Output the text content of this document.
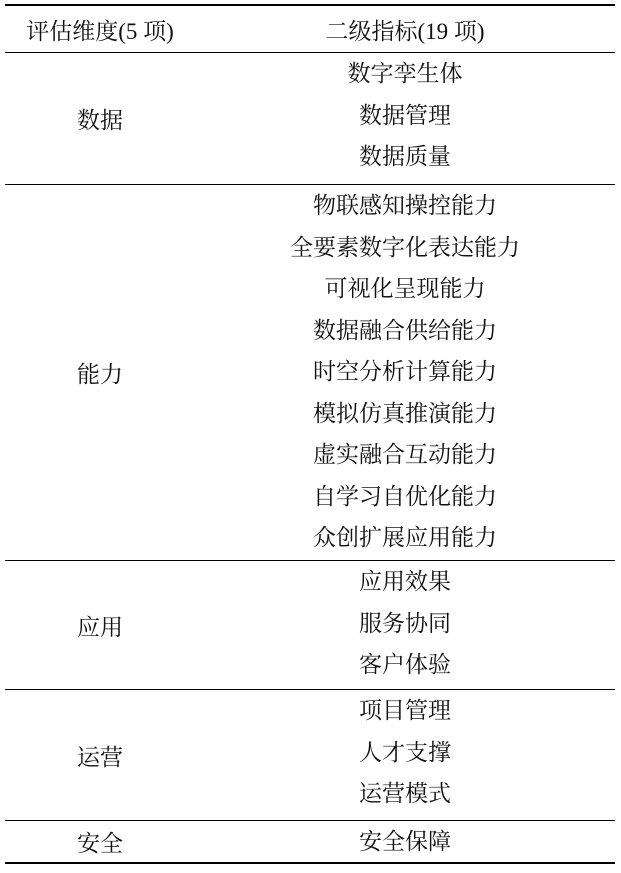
评估维度(5 项)	二级指标(19 项)
数据
数字孪生体
数据管理
数据质量
能力
物联感知操控能力
全要素数字化表达能力
可视化呈现能力
数据融合供给能力
时空分析计算能力
模拟仿真推演能力
虚实融合互动能力
自学习自优化能力
众创扩展应用能力
应用
应用效果
服务协同
客户体验
运营
项目管理
人才支撑
运营模式
安全	安全保障
